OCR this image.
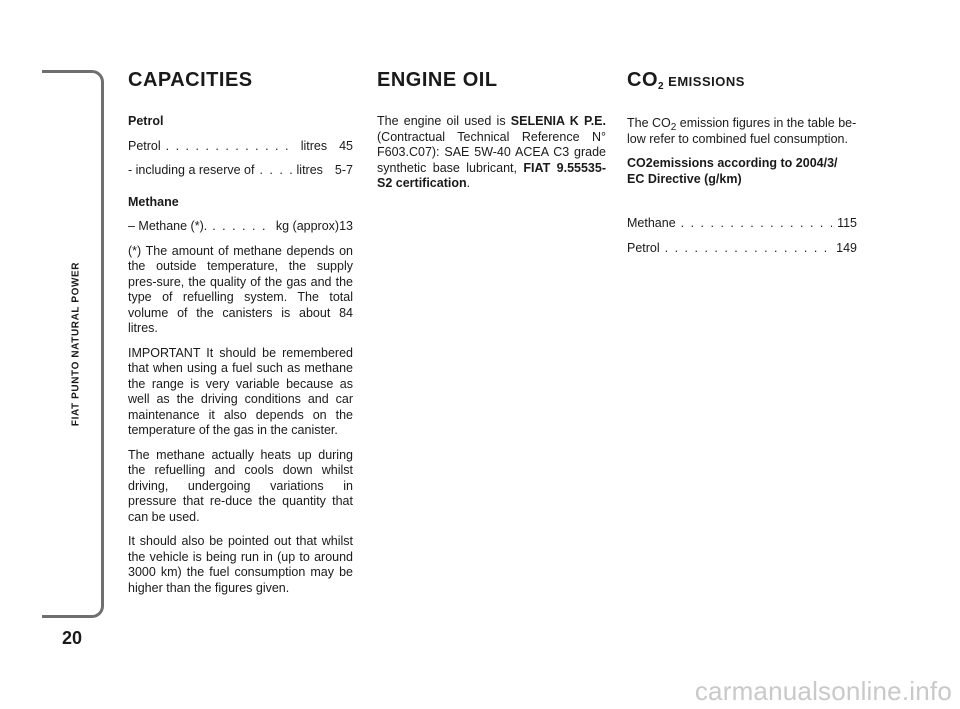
FIAT PUNTO NATURAL POWER
20
CAPACITIES

Petrol

Petrol . . .	litres 45

- including a reserve of . . .	litres 5-7

Methane

– Methane (*). . . .	kg (approx) 13

(*) The amount of methane depends on the outside temperature, the supply pres-sure, the quality of the gas and the type of refuelling system. The total volume of the canisters is about 84 litres.

IMPORTANT It should be remembered that when using a fuel such as methane the range is very variable because as well as the driving conditions and car maintenance it also depends on the temperature of the gas in the canister.

The methane actually heats up during the refuelling and cools down whilst driving, undergoing variations in pressure that re-duce the quantity that can be used.

It should also be pointed out that whilst the vehicle is being run in (up to around 3000 km) the fuel consumption may be higher than the figures given.

ENGINE OIL

The engine oil used is SELENIA K P.E. (Contractual Technical Reference N° F603.C07): SAE 5W-40 ACEA C3 grade synthetic base lubricant, FIAT 9.55535-S2 certification.

$CO_2$ EMISSIONS

The $CO_2$ emission figures in the table be-low refer to combined fuel consumption.

CO2emissions according to 2004/3/ EC Directive (g/km)

Methane . . .	115

Petrol . . .	149

carmanualsonline.info
